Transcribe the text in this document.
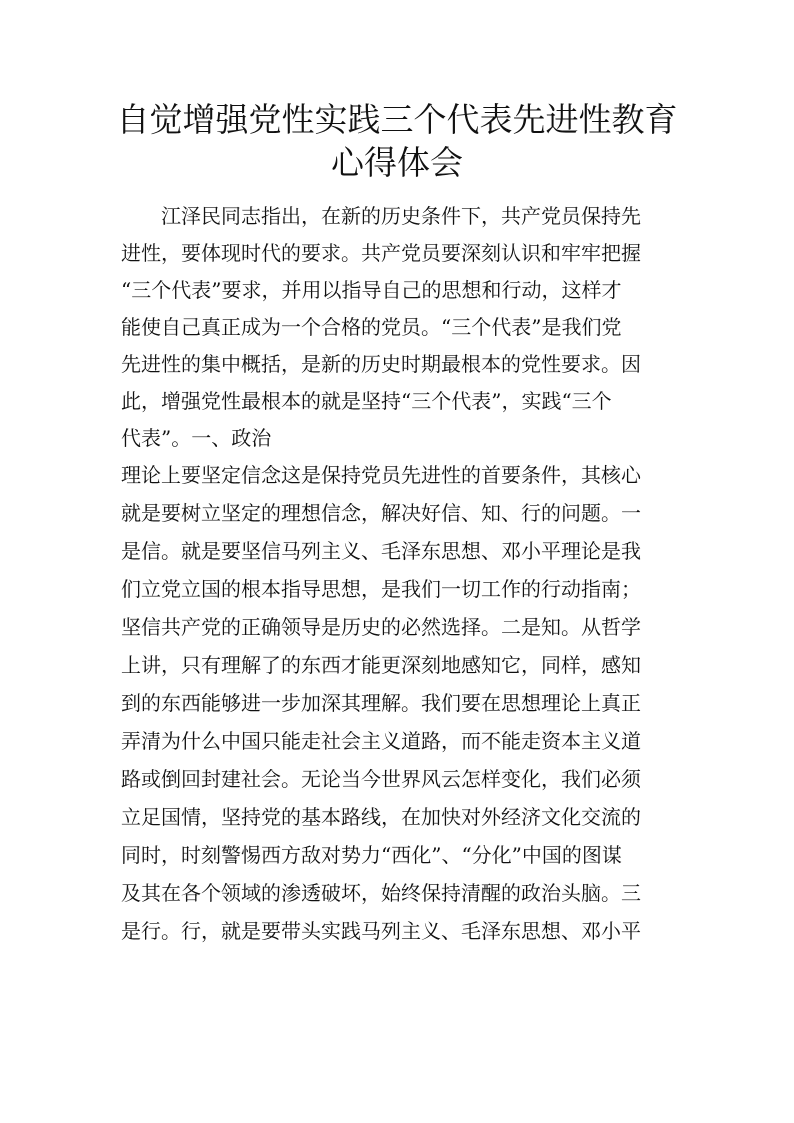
自觉增强党性实践三个代表先进性教育
心得体会
　　江泽民同志指出，在新的历史条件下，共产党员保持先
进性，要体现时代的要求。共产党员要深刻认识和牢牢把握
“三个代表”要求，并用以指导自己的思想和行动，这样才
能使自己真正成为一个合格的党员。“三个代表”是我们党
先进性的集中概括，是新的历史时期最根本的党性要求。因
此，增强党性最根本的就是坚持“三个代表”，实践“三个
代表”。一、政治
理论上要坚定信念这是保持党员先进性的首要条件，其核心
就是要树立坚定的理想信念，解决好信、知、行的问题。一
是信。就是要坚信马列主义、毛泽东思想、邓小平理论是我
们立党立国的根本指导思想，是我们一切工作的行动指南；
坚信共产党的正确领导是历史的必然选择。二是知。从哲学
上讲，只有理解了的东西才能更深刻地感知它，同样，感知
到的东西能够进一步加深其理解。我们要在思想理论上真正
弄清为什么中国只能走社会主义道路，而不能走资本主义道
路或倒回封建社会。无论当今世界风云怎样变化，我们必须
立足国情，坚持党的基本路线，在加快对外经济文化交流的
同时，时刻警惕西方敌对势力“西化”、“分化”中国的图谋
及其在各个领域的渗透破坏，始终保持清醒的政治头脑。三
是行。行，就是要带头实践马列主义、毛泽东思想、邓小平
